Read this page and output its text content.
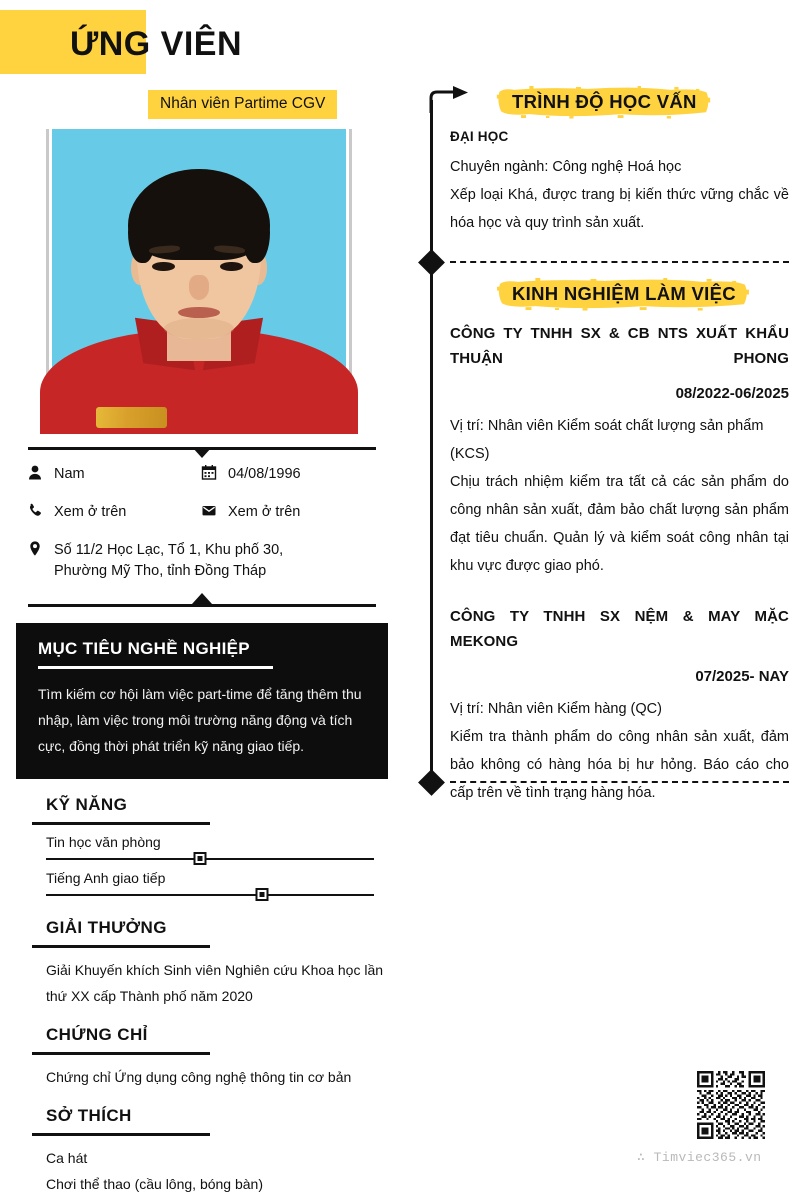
ỨNG VIÊN
Nhân viên Partime CGV
Nam	04/08/1996
Xem ở trên	Xem ở trên
Số 11/2 Học Lạc, Tổ 1, Khu phố 30,
Phường Mỹ Tho, tỉnh Đồng Tháp
MỤC TIÊU NGHỀ NGHIỆP

Tìm kiếm cơ hội làm việc part-time để tăng thêm thu nhập, làm việc trong môi trường năng động và tích cực, đồng thời phát triển kỹ năng giao tiếp.

KỸ NĂNG
Tin học văn phòng
Tiếng Anh giao tiếp
GIẢI THƯỞNG

Giải Khuyến khích Sinh viên Nghiên cứu Khoa học lần thứ XX cấp Thành phố năm 2020

CHỨNG CHỈ

Chứng chỉ Ứng dụng công nghệ thông tin cơ bản

SỞ THÍCH

Ca hát

Chơi thể thao (cầu lông, bóng bàn)

TRÌNH ĐỘ HỌC VẤN
ĐẠI HỌC

Chuyên ngành: Công nghệ Hoá học

Xếp loại Khá, được trang bị kiến thức vững chắc về hóa học và quy trình sản xuất.

KINH NGHIỆM LÀM VIỆC
CÔNG TY TNHH SX & CB NTS XUẤT KHẨU THUẬN PHONG
08/2022-06/2025

Vị trí: Nhân viên Kiểm soát chất lượng sản phẩm (KCS)

Chịu trách nhiệm kiểm tra tất cả các sản phẩm do công nhân sản xuất, đảm bảo chất lượng sản phẩm đạt tiêu chuẩn. Quản lý và kiểm soát công nhân tại khu vực được giao phó.

CÔNG TY TNHH SX NỆM & MAY MẶC MEKONG
07/2025- NAY

Vị trí: Nhân viên Kiểm hàng (QC)

Kiểm tra thành phẩm do công nhân sản xuất, đảm bảo không có hàng hóa bị hư hỏng. Báo cáo cho cấp trên về tình trạng hàng hóa.

∴ Timviec365.vn
